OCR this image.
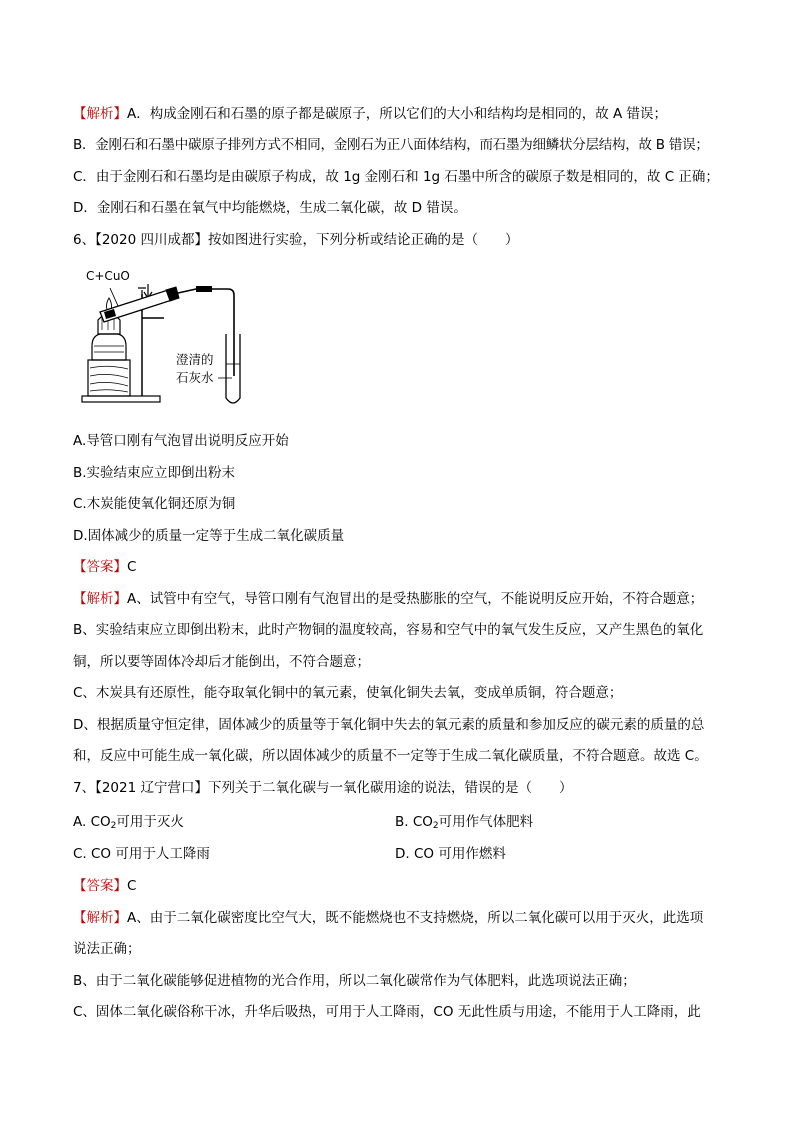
【解析】A．构成金刚石和石墨的原子都是碳原子，所以它们的大小和结构均是相同的，故 A 错误；
B．金刚石和石墨中碳原子排列方式不相同，金刚石为正八面体结构，而石墨为细鳞状分层结构，故 B 错误；
C．由于金刚石和石墨均是由碳原子构成，故 1g 金刚石和 1g 石墨中所含的碳原子数是相同的，故 C 正确；
D．金刚石和石墨在氧气中均能燃烧，生成二氧化碳，故 D 错误。
6、【2020 四川成都】按如图进行实验，下列分析或结论正确的是（　　）
C+CuO
澄清的
石灰水
A.导管口刚有气泡冒出说明反应开始
B.实验结束应立即倒出粉末
C.木炭能使氧化铜还原为铜
D.固体减少的质量一定等于生成二氧化碳质量
【答案】C
【解析】A、试管中有空气，导管口刚有气泡冒出的是受热膨胀的空气，不能说明反应开始，不符合题意；
B、实验结束应立即倒出粉末，此时产物铜的温度较高，容易和空气中的氧气发生反应，又产生黑色的氧化
铜，所以要等固体冷却后才能倒出，不符合题意；
C、木炭具有还原性，能夺取氧化铜中的氧元素，使氧化铜失去氧，变成单质铜，符合题意；
D、根据质量守恒定律，固体减少的质量等于氧化铜中失去的氧元素的质量和参加反应的碳元素的质量的总
和，反应中可能生成一氧化碳，所以固体减少的质量不一定等于生成二氧化碳质量，不符合题意。故选 C。
7、【2021 辽宁营口】下列关于二氧化碳与一氧化碳用途的说法，错误的是（　　）
A. $CO_2$可用于灭火	B. $CO_2$可用作气体肥料
C. CO 可用于人工降雨	D. CO 可用作燃料
【答案】C
【解析】A、由于二氧化碳密度比空气大，既不能燃烧也不支持燃烧，所以二氧化碳可以用于灭火，此选项
说法正确；
B、由于二氧化碳能够促进植物的光合作用，所以二氧化碳常作为气体肥料，此选项说法正确；
C、固体二氧化碳俗称干冰，升华后吸热，可用于人工降雨，CO 无此性质与用途，不能用于人工降雨，此
